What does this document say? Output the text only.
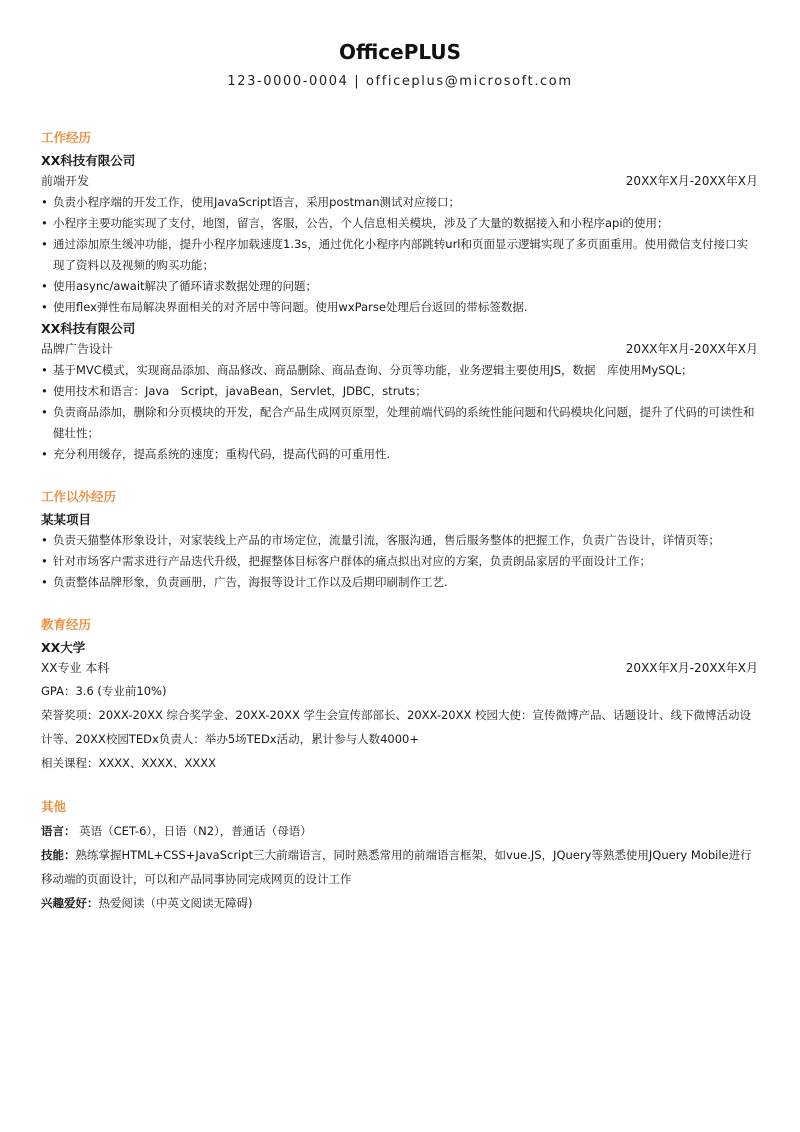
OfficePLUS
123-0000-0004 | officeplus@microsoft.com
工作经历
XX科技有限公司
前端开发	20XX年X月-20XX年X月
• 负责小程序端的开发工作，使用JavaScript语言，采用postman测试对应接口；
• 小程序主要功能实现了支付，地图，留言，客服，公告，个人信息相关模块，涉及了大量的数据接入和小程序api的使用；
• 通过添加原生缓冲功能，提升小程序加载速度1.3s，通过优化小程序内部跳转url和页面显示逻辑实现了多页面重用。使用微信支付接口实现了资料以及视频的购买功能；
• 使用async/await解决了循环请求数据处理的问题；
• 使用flex弹性布局解决界面相关的对齐居中等问题。使用wxParse处理后台返回的带标签数据.
XX科技有限公司
品牌广告设计	20XX年X月-20XX年X月
• 基于MVC模式，实现商品添加、商品修改、商品删除、商品查询、分页等功能，业务逻辑主要使用JS，数据　库使用MySQL；
• 使用技术和语言：Java　Script，javaBean，Servlet，JDBC，struts；
• 负责商品添加，删除和分页模块的开发，配合产品生成网页原型，处理前端代码的系统性能问题和代码模块化问题，提升了代码的可读性和健壮性；
• 充分利用缓存，提高系统的速度；重构代码，提高代码的可重用性.
工作以外经历
某某项目
• 负责天猫整体形象设计，对家装线上产品的市场定位，流量引流，客服沟通，售后服务整体的把握工作，负责广告设计，详情页等；
• 针对市场客户需求进行产品迭代升级，把握整体目标客户群体的痛点拟出对应的方案，负责朗品家居的平面设计工作；
• 负责整体品牌形象，负责画册，广告，海报等设计工作以及后期印刷制作工艺.
教育经历
XX大学
XX专业 本科	20XX年X月-20XX年X月
GPA：3.6 (专业前10%)
荣誉奖项：20XX-20XX 综合奖学金、20XX-20XX 学生会宣传部部长、20XX-20XX 校园大使：宣传微博产品、话题设计、线下微博活动设计等、20XX校园TEDx负责人：举办5场TEDx活动，累计参与人数4000+
相关课程：XXXX、XXXX、XXXX
其他
语言： 英语（CET-6），日语（N2），普通话（母语）
技能：熟练掌握HTML+CSS+JavaScript三大前端语言，同时熟悉常用的前端语言框架，如vue.JS，JQuery等熟悉使用JQuery Mobile进行移动端的页面设计，可以和产品同事协同完成网页的设计工作
兴趣爱好：热爱阅读（中英文阅读无障碍)
